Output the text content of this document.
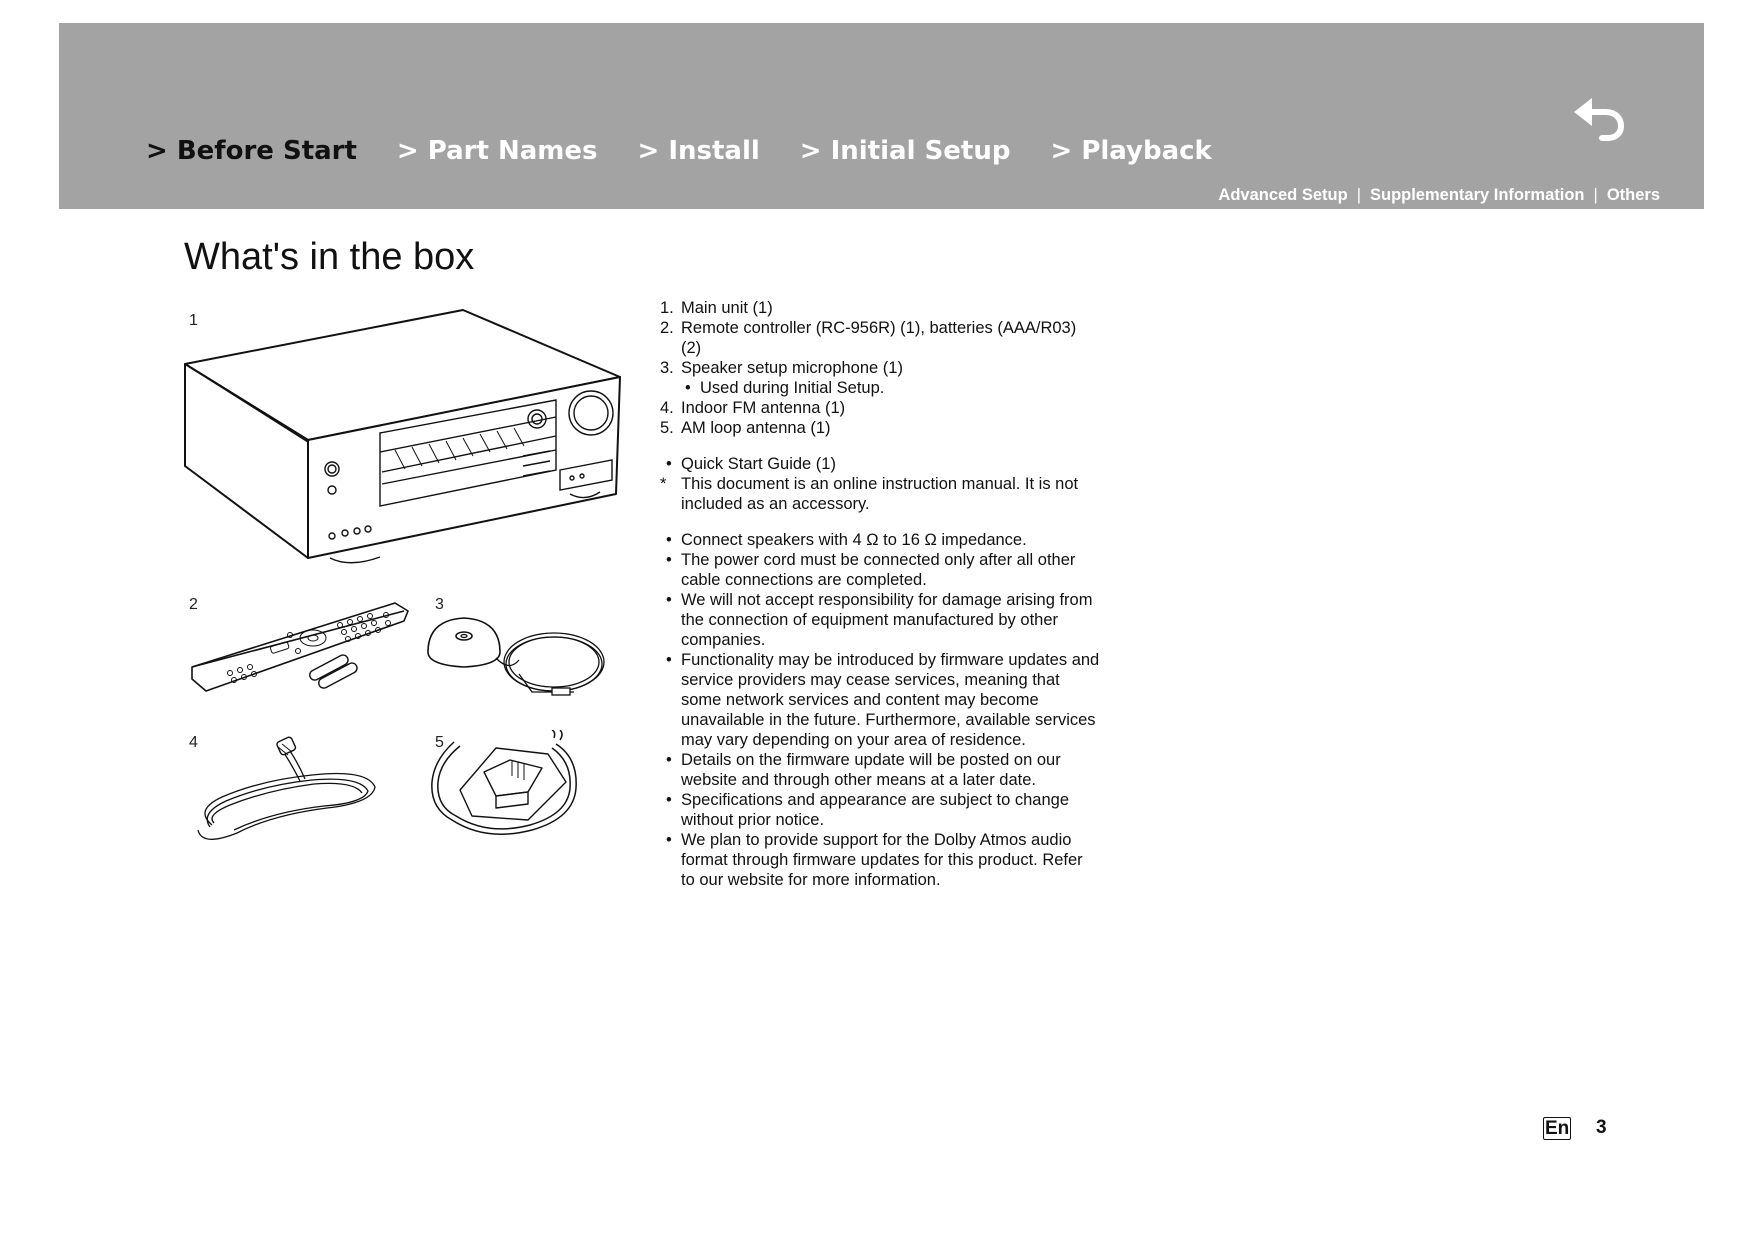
> Before Start > Part Names > Install > Initial Setup > Playback
Advanced Setup | Supplementary Information | Others
What's in the box
1
2	3
4	5
1. Main unit (1)
2. Remote controller (RC-956R) (1), batteries (AAA/R03) (2)
3. Speaker setup microphone (1)
• Used during Initial Setup.
4. Indoor FM antenna (1)
5. AM loop antenna (1)
• Quick Start Guide (1)
* This document is an online instruction manual. It is not included as an accessory.
• Connect speakers with 4 Ω to 16 Ω impedance.
• The power cord must be connected only after all other cable connections are completed.
• We will not accept responsibility for damage arising from the connection of equipment manufactured by other companies.
• Functionality may be introduced by firmware updates and service providers may cease services, meaning that some network services and content may become unavailable in the future. Furthermore, available services may vary depending on your area of residence.
• Details on the firmware update will be posted on our website and through other means at a later date.
• Specifications and appearance are subject to change without prior notice.
• We plan to provide support for the Dolby Atmos audio format through firmware updates for this product. Refer to our website for more information.
En 3
